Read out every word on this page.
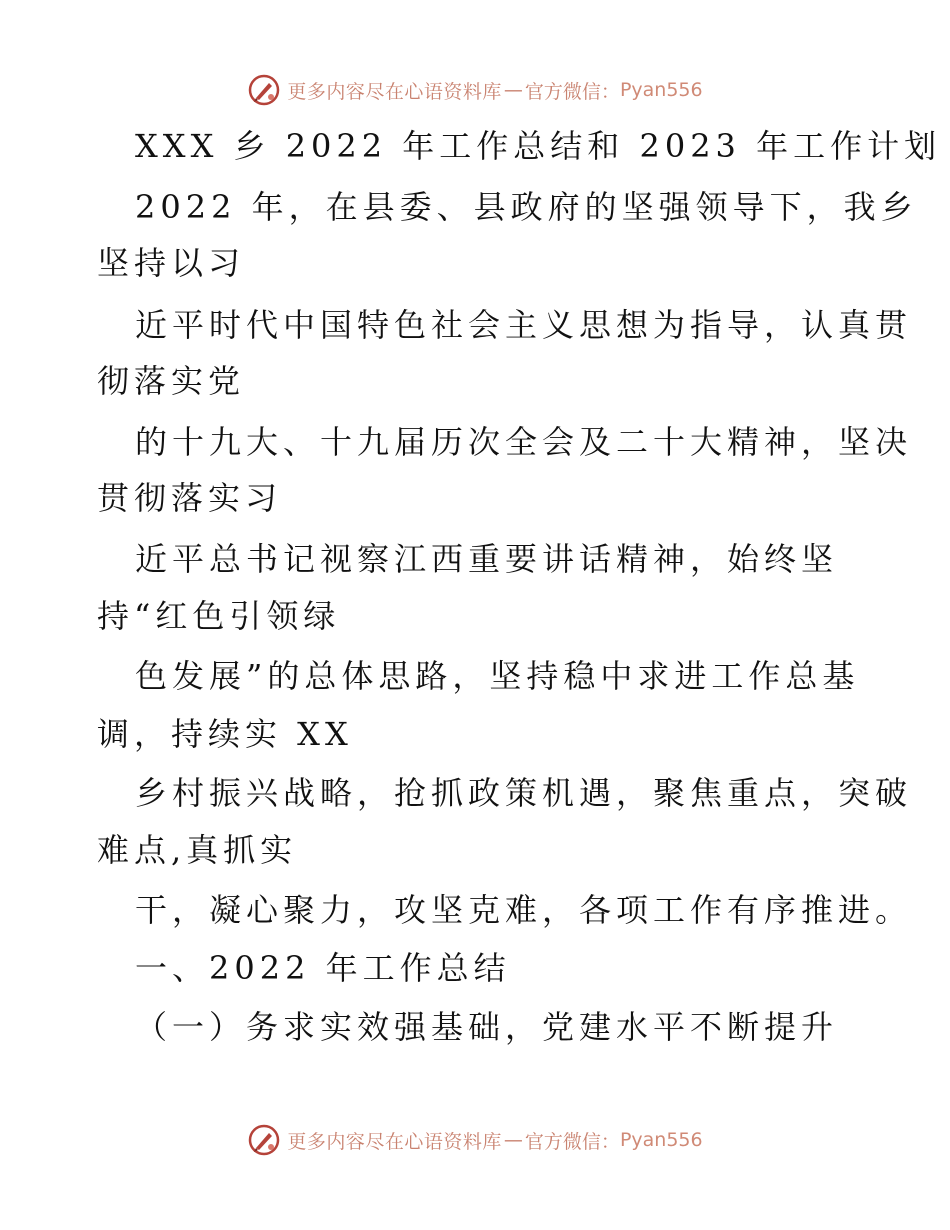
更多内容尽在心语资料库 — 官方微信： Pyan556
XXX 乡 2022 年工作总结和 2023 年工作计划
2022 年，在县委、县政府的坚强领导下，我乡
坚持以习
近平时代中国特色社会主义思想为指导，认真贯
彻落实党
的十九大、十九届历次全会及二十大精神，坚决
贯彻落实习
近平总书记视察江西重要讲话精神，始终坚
持“红色引领绿
色发展”的总体思路，坚持稳中求进工作总基
调，持续实 XX
乡村振兴战略，抢抓政策机遇，聚焦重点，突破
难点,真抓实
干，凝心聚力，攻坚克难，各项工作有序推进。
一、2022 年工作总结
（一）务求实效强基础，党建水平不断提升
更多内容尽在心语资料库 — 官方微信： Pyan556
